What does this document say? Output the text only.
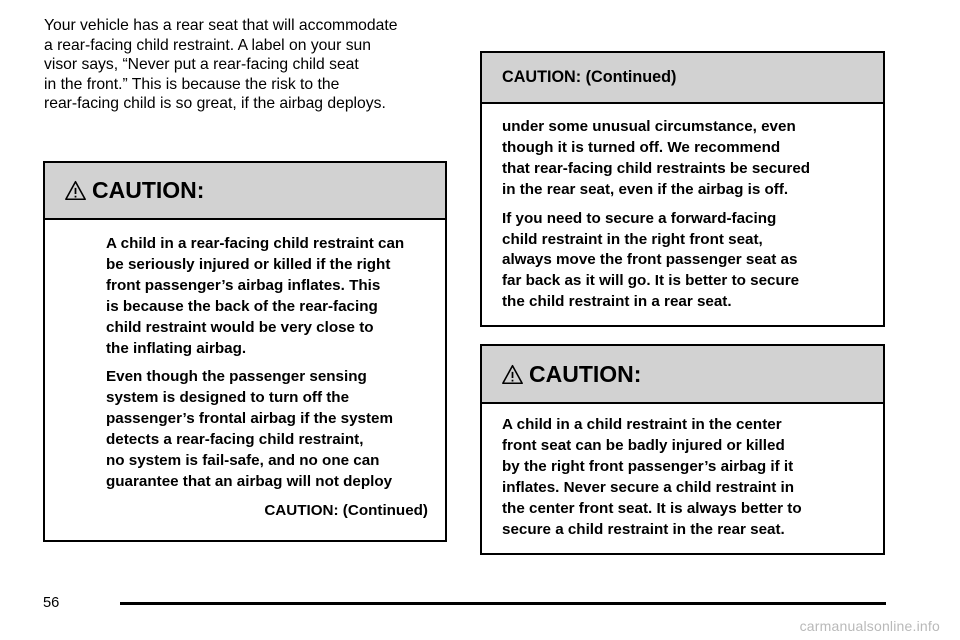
Your vehicle has a rear seat that will accommodate
a rear-facing child restraint. A label on your sun
visor says, “Never put a rear-facing child seat
in the front.” This is because the risk to the
rear-facing child is so great, if the airbag deploys.
CAUTION:

A child in a rear-facing child restraint can
be seriously injured or killed if the right
front passenger’s airbag inflates. This
is because the back of the rear-facing
child restraint would be very close to
the inflating airbag.

Even though the passenger sensing
system is designed to turn off the
passenger’s frontal airbag if the system
detects a rear-facing child restraint,
no system is fail-safe, and no one can
guarantee that an airbag will not deploy

CAUTION: (Continued)

CAUTION: (Continued)

under some unusual circumstance, even
though it is turned off. We recommend
that rear-facing child restraints be secured
in the rear seat, even if the airbag is off.

If you need to secure a forward-facing
child restraint in the right front seat,
always move the front passenger seat as
far back as it will go. It is better to secure
the child restraint in a rear seat.

CAUTION:

A child in a child restraint in the center
front seat can be badly injured or killed
by the right front passenger’s airbag if it
inflates. Never secure a child restraint in
the center front seat. It is always better to
secure a child restraint in the rear seat.

56
carmanualsonline.info
